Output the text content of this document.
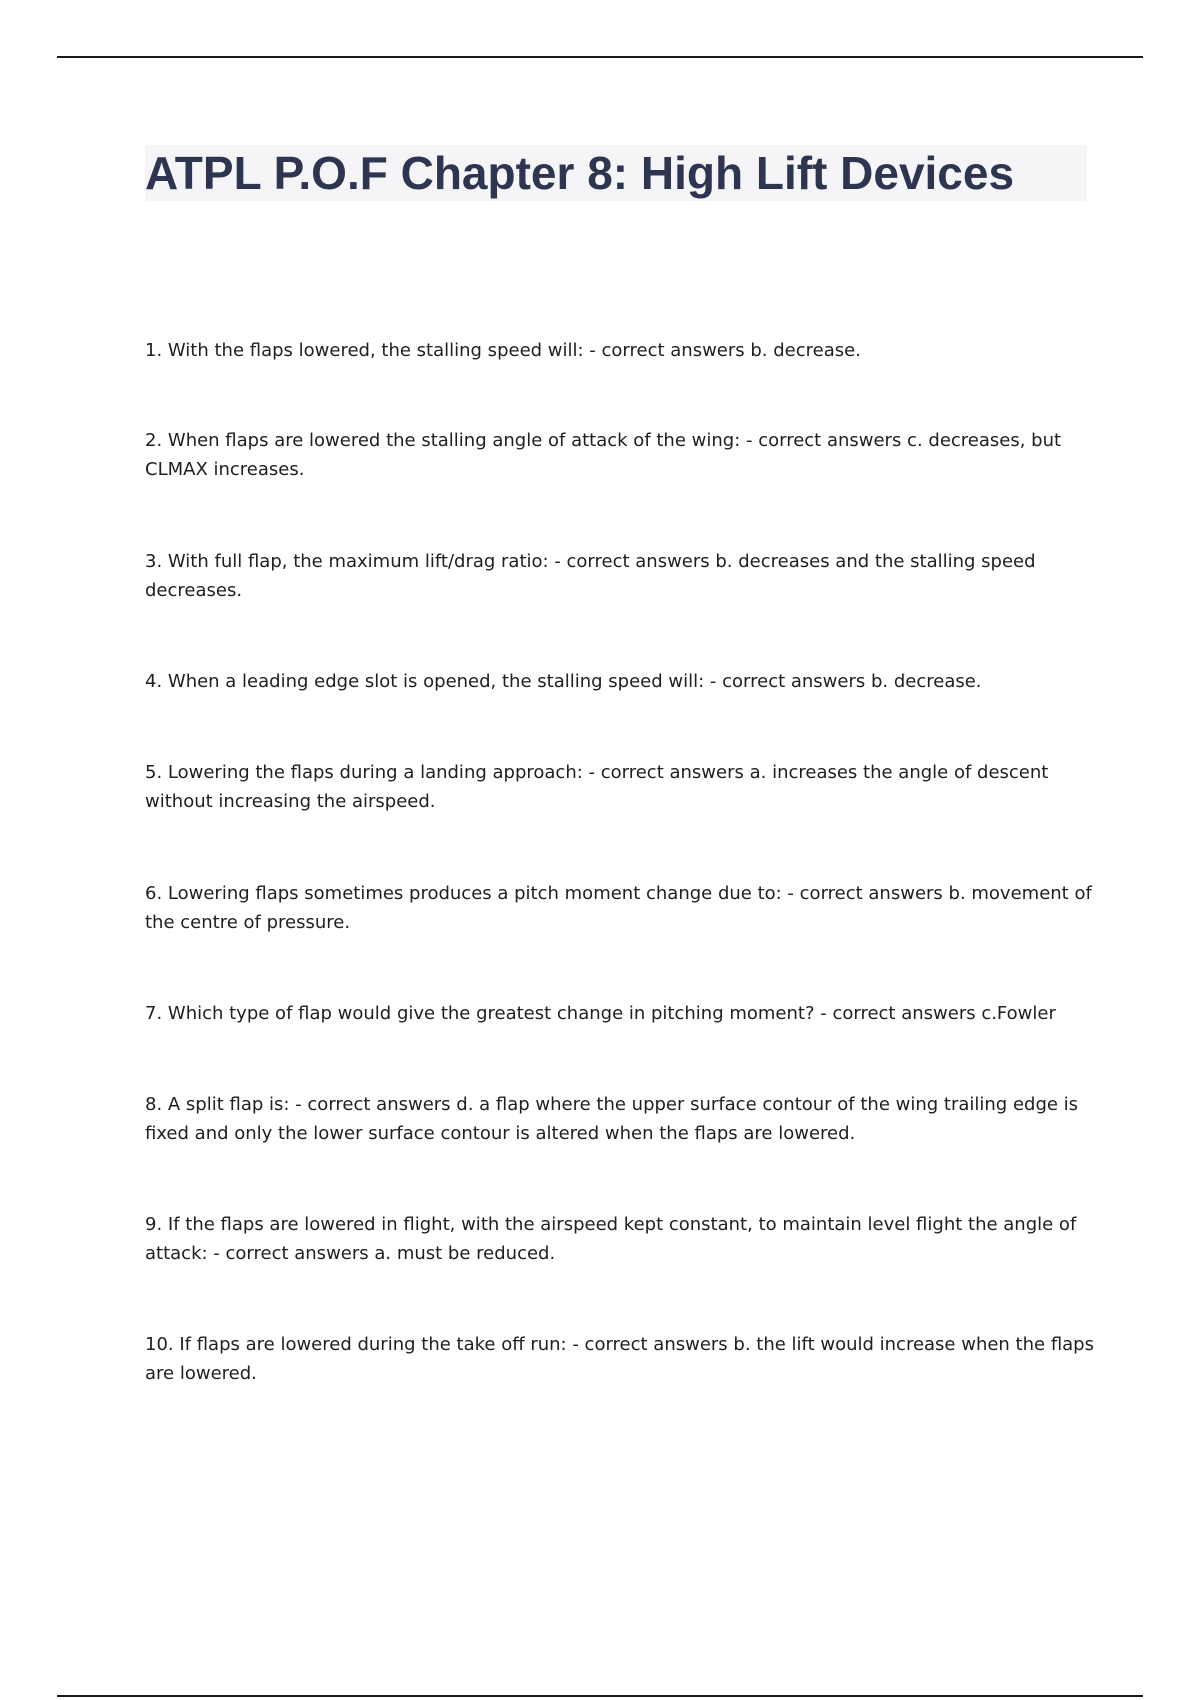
ATPL P.O.F Chapter 8: High Lift Devices

1. With the flaps lowered, the stalling speed will: - correct answers b. decrease.

2. When flaps are lowered the stalling angle of attack of the wing: - correct answers c. decreases, but CLMAX increases.

3. With full flap, the maximum lift/drag ratio: - correct answers b. decreases and the stalling speed decreases.

4. When a leading edge slot is opened, the stalling speed will: - correct answers b. decrease.

5. Lowering the flaps during a landing approach: - correct answers a. increases the angle of descent without increasing the airspeed.

6. Lowering flaps sometimes produces a pitch moment change due to: - correct answers b. movement of the centre of pressure.

7. Which type of flap would give the greatest change in pitching moment? - correct answers c.Fowler

8. A split flap is: - correct answers d. a flap where the upper surface contour of the wing trailing edge is fixed and only the lower surface contour is altered when the flaps are lowered.

9. If the flaps are lowered in flight, with the airspeed kept constant, to maintain level flight the angle of attack: - correct answers a. must be reduced.

10. If flaps are lowered during the take off run: - correct answers b. the lift would increase when the flaps are lowered.
